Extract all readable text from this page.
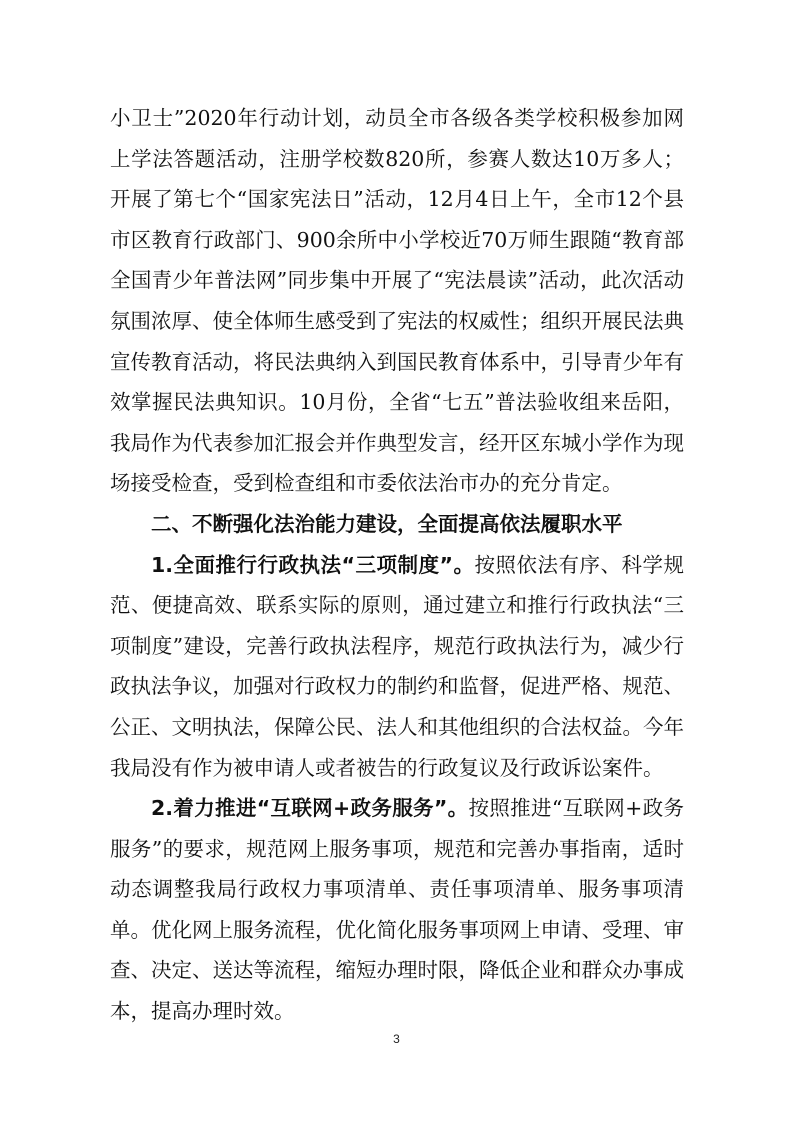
小卫士”2020年行动计划，动员全市各级各类学校积极参加网上学法答题活动，注册学校数820所，参赛人数达10万多人；开展了第七个“国家宪法日”活动，12月4日上午，全市12个县市区教育行政部门、900余所中小学校近70万师生跟随“教育部全国青少年普法网”同步集中开展了“宪法晨读”活动，此次活动氛围浓厚、使全体师生感受到了宪法的权威性；组织开展民法典宣传教育活动，将民法典纳入到国民教育体系中，引导青少年有效掌握民法典知识。10月份，全省“七五”普法验收组来岳阳，我局作为代表参加汇报会并作典型发言，经开区东城小学作为现场接受检查，受到检查组和市委依法治市办的充分肯定。

二、不断强化法治能力建设，全面提高依法履职水平

1.全面推行行政执法“三项制度”。按照依法有序、科学规范、便捷高效、联系实际的原则，通过建立和推行行政执法“三项制度”建设，完善行政执法程序，规范行政执法行为，减少行政执法争议，加强对行政权力的制约和监督，促进严格、规范、公正、文明执法，保障公民、法人和其他组织的合法权益。今年我局没有作为被申请人或者被告的行政复议及行政诉讼案件。

2.着力推进“互联网+政务服务”。按照推进“互联网+政务服务”的要求，规范网上服务事项，规范和完善办事指南，适时动态调整我局行政权力事项清单、责任事项清单、服务事项清单。优化网上服务流程，优化简化服务事项网上申请、受理、审查、决定、送达等流程，缩短办理时限，降低企业和群众办事成本，提高办理时效。

3
